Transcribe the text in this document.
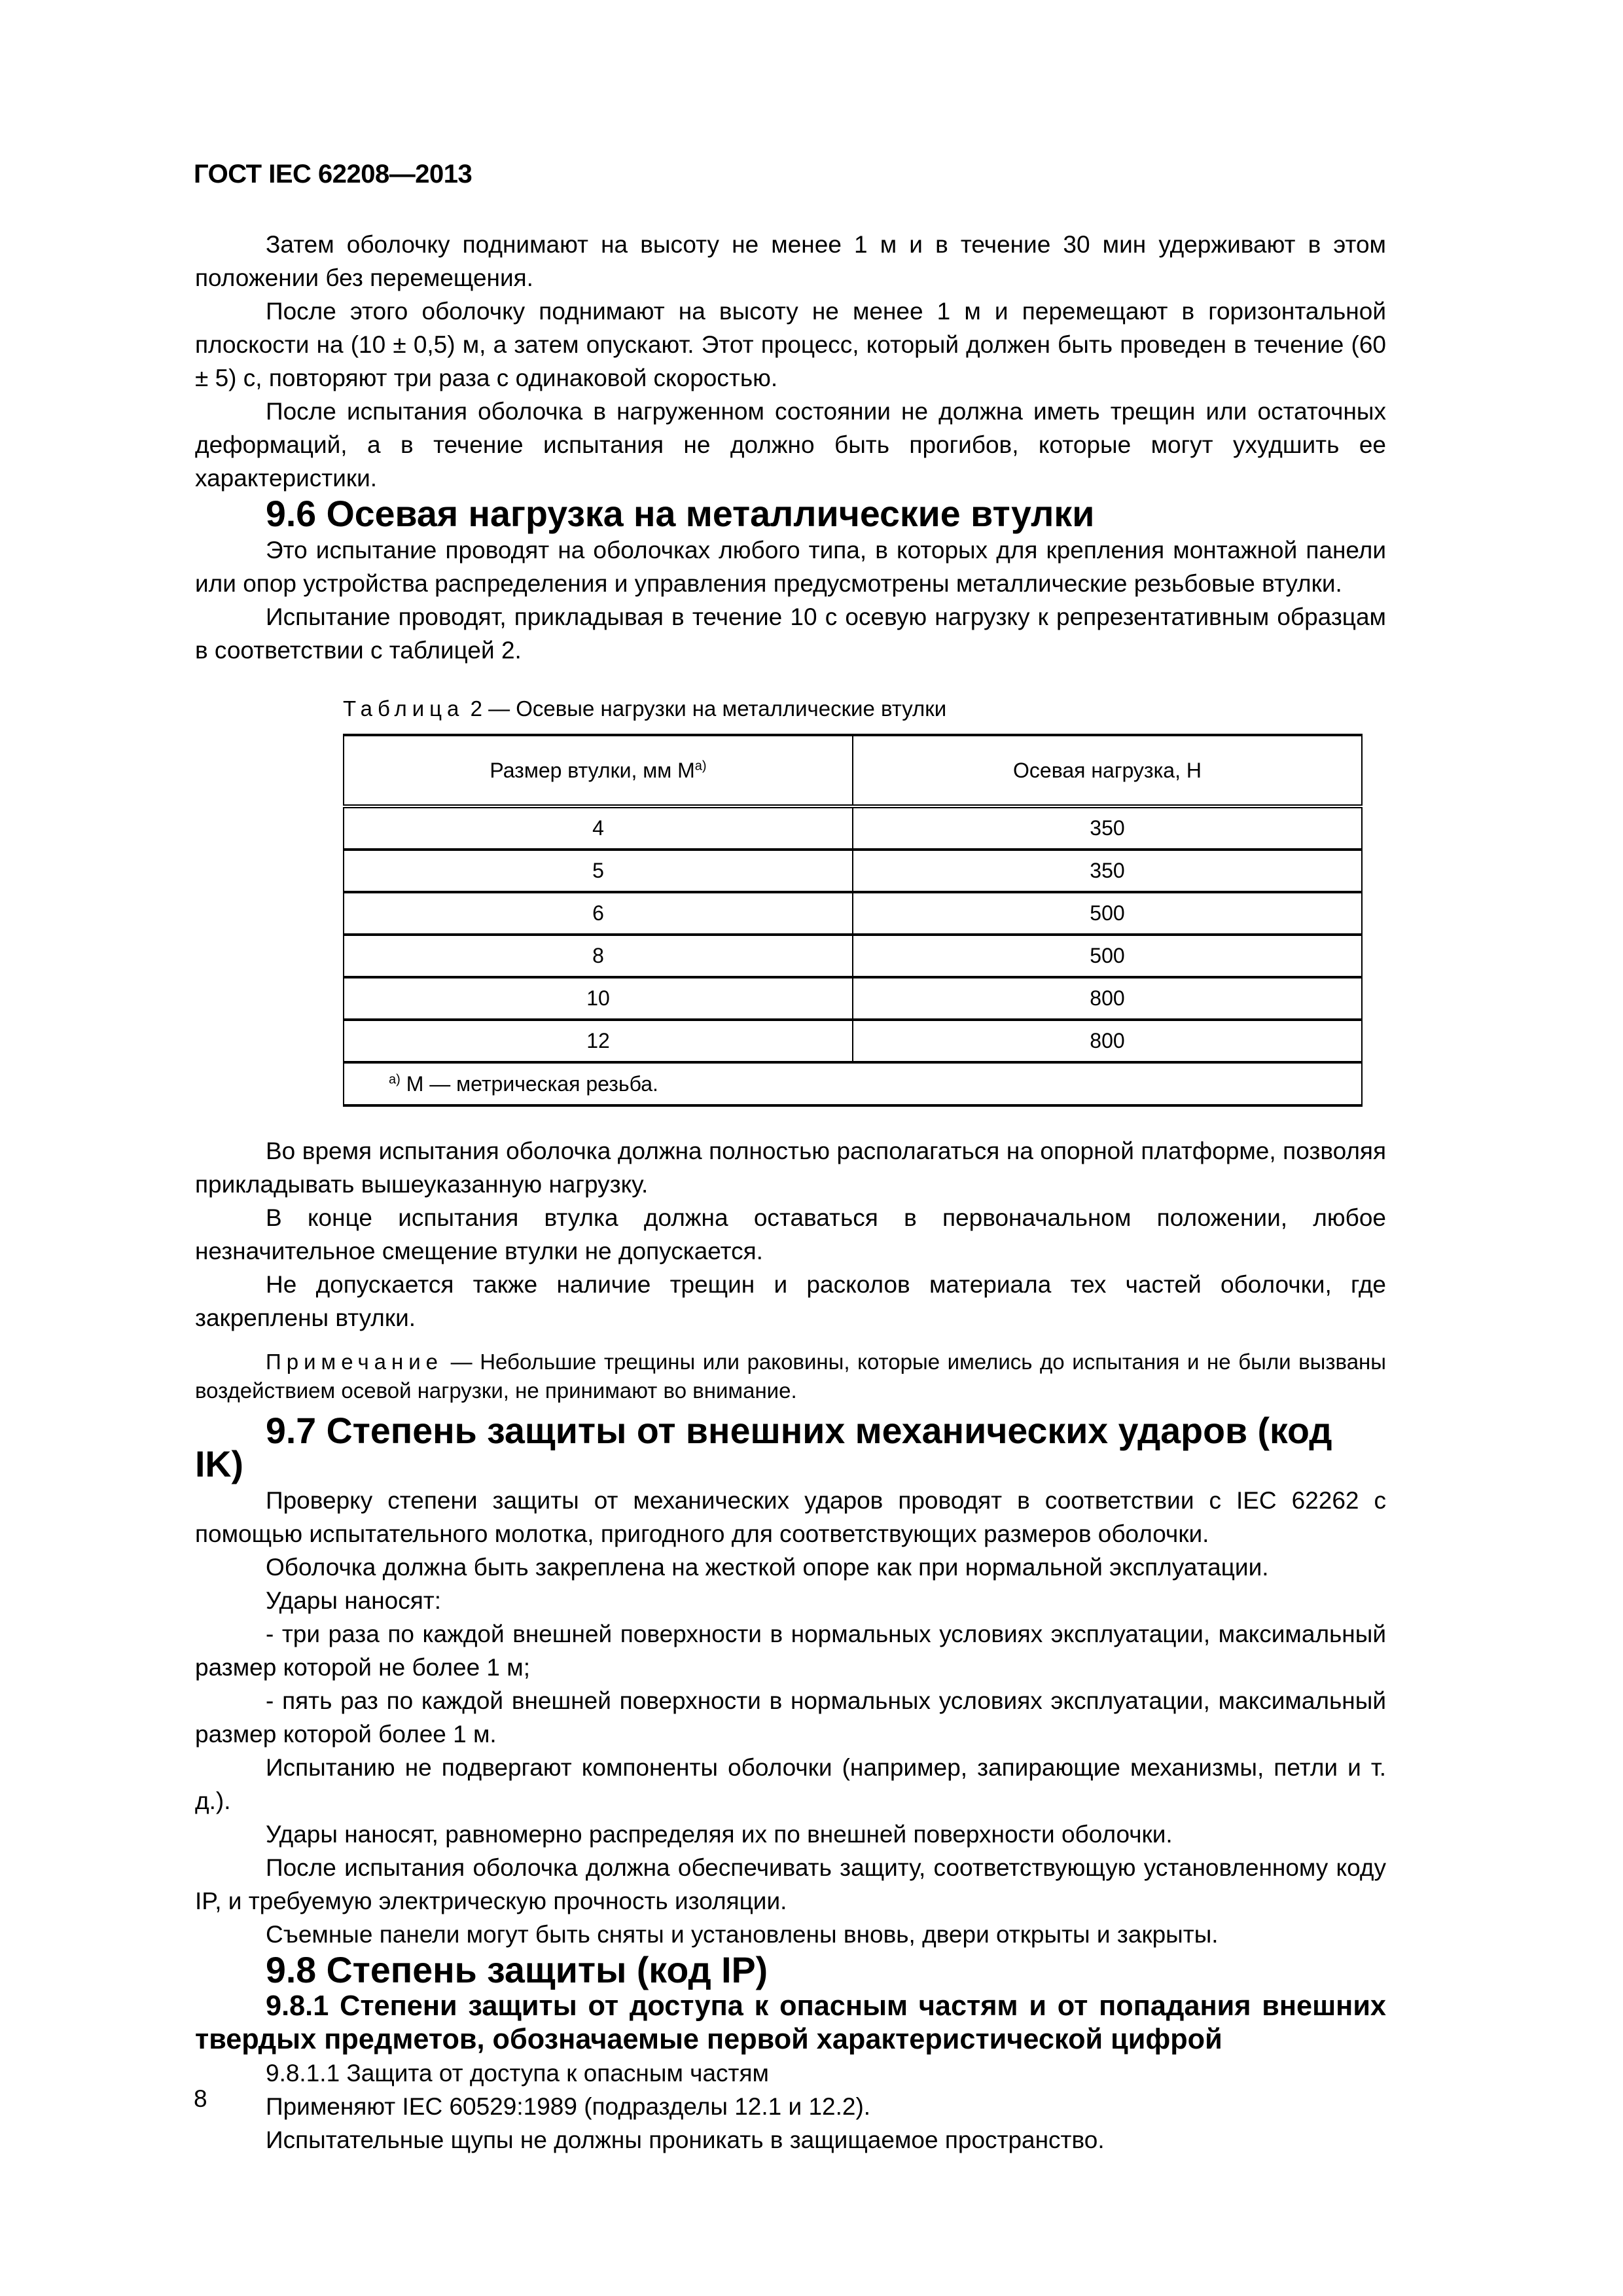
ГОСТ IEC 62208—2013

Затем оболочку поднимают на высоту не менее 1 м и в течение 30 мин удерживают в этом положении без перемещения.

После этого оболочку поднимают на высоту не менее 1 м и перемещают в горизонтальной плоскости на (10 ± 0,5) м, а затем опускают. Этот процесс, который должен быть проведен в течение (60 ± 5) с, повторяют три раза с одинаковой скоростью.

После испытания оболочка в нагруженном состоянии не должна иметь трещин или остаточных деформаций, а в течение испытания не должно быть прогибов, которые могут ухудшить ее характеристики.

9.6 Осевая нагрузка на металлические втулки

Это испытание проводят на оболочках любого типа, в которых для крепления монтажной панели или опор устройства распределения и управления предусмотрены металлические резьбовые втулки.

Испытание проводят, прикладывая в течение 10 с осевую нагрузку к репрезентативным образцам в соответствии с таблицей 2.

Таблица 2 — Осевые нагрузки на металлические втулки
Размер втулки, мм $M^{а)}$	Осевая нагрузка, Н
4	350
5	350
6	500
8	500
10	800
12	800
$^{а)}$ M — метрическая резьба.	

Во время испытания оболочка должна полностью располагаться на опорной платформе, позволяя прикладывать вышеуказанную нагрузку.

В конце испытания втулка должна оставаться в первоначальном положении, любое незначительное смещение втулки не допускается.

Не допускается также наличие трещин и расколов материала тех частей оболочки, где закреплены втулки.

Примечание — Небольшие трещины или раковины, которые имелись до испытания и не были вызваны воздействием осевой нагрузки, не принимают во внимание.

9.7 Степень защиты от внешних механических ударов (код IK)

Проверку степени защиты от механических ударов проводят в соответствии с IEC 62262 с помощью испытательного молотка, пригодного для соответствующих размеров оболочки.

Оболочка должна быть закреплена на жесткой опоре как при нормальной эксплуатации.

Удары наносят:

- три раза по каждой внешней поверхности в нормальных условиях эксплуатации, максимальный размер которой не более 1 м;

- пять раз по каждой внешней поверхности в нормальных условиях эксплуатации, максимальный размер которой более 1 м.

Испытанию не подвергают компоненты оболочки (например, запирающие механизмы, петли и т. д.).

Удары наносят, равномерно распределяя их по внешней поверхности оболочки.

После испытания оболочка должна обеспечивать защиту, соответствующую установленному коду IP, и требуемую электрическую прочность изоляции.

Съемные панели могут быть сняты и установлены вновь, двери открыты и закрыты.

9.8 Степень защиты (код IP)
9.8.1 Степени защиты от доступа к опасным частям и от попадания внешних твердых предметов, обозначаемые первой характеристической цифрой

9.8.1.1 Защита от доступа к опасным частям

Применяют IEC 60529:1989 (подразделы 12.1 и 12.2).

Испытательные щупы не должны проникать в защищаемое пространство.

8
